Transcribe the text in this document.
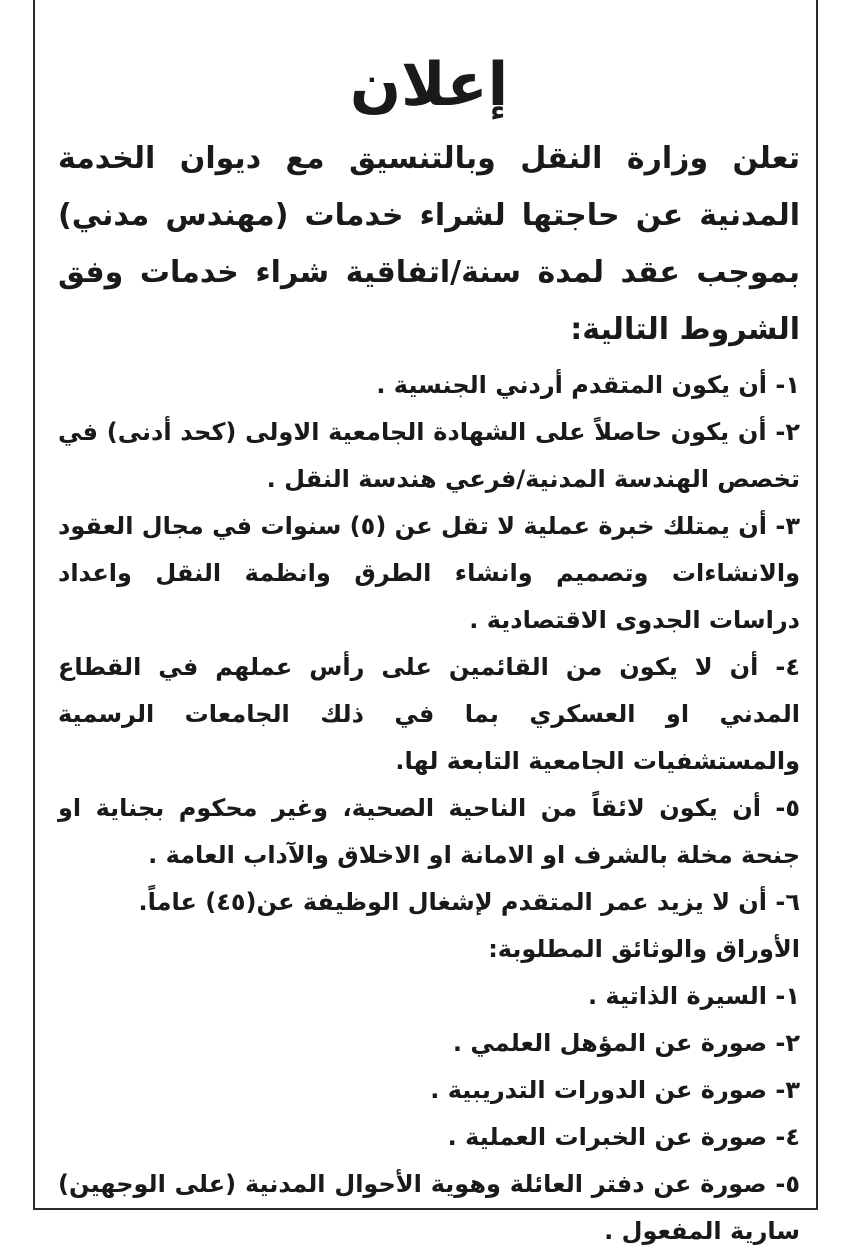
إعلان

تعلن وزارة النقل وبالتنسيق مع ديوان الخدمة المدنية عن حاجتها لشراء خدمات (مهندس مدني) بموجب عقد لمدة سنة/اتفاقية شراء خدمات وفق الشروط التالية:

١- أن يكون المتقدم أردني الجنسية .

٢- أن يكون حاصلاً على الشهادة الجامعية الاولى (كحد أدنى) في تخصص الهندسة المدنية/فرعي هندسة النقل .

٣- أن يمتلك خبرة عملية لا تقل عن (٥) سنوات في مجال العقود والانشاءات وتصميم وانشاء الطرق وانظمة النقل واعداد دراسات الجدوى الاقتصادية .

٤- أن لا يكون من القائمين على رأس عملهم في القطاع المدني او العسكري بما في ذلك الجامعات الرسمية والمستشفيات الجامعية التابعة لها.

٥- أن يكون لائقاً من الناحية الصحية، وغير محكوم بجناية او جنحة مخلة بالشرف او الامانة او الاخلاق والآداب العامة .

٦- أن لا يزيد عمر المتقدم لإشغال الوظيفة عن(٤٥) عاماً.

الأوراق والوثائق المطلوبة:

١- السيرة الذاتية .

٢- صورة عن المؤهل العلمي .

٣- صورة عن الدورات التدريبية .

٤- صورة عن الخبرات العملية .

٥- صورة عن دفتر العائلة وهوية الأحوال المدنية (على الوجهين) سارية المفعول .
